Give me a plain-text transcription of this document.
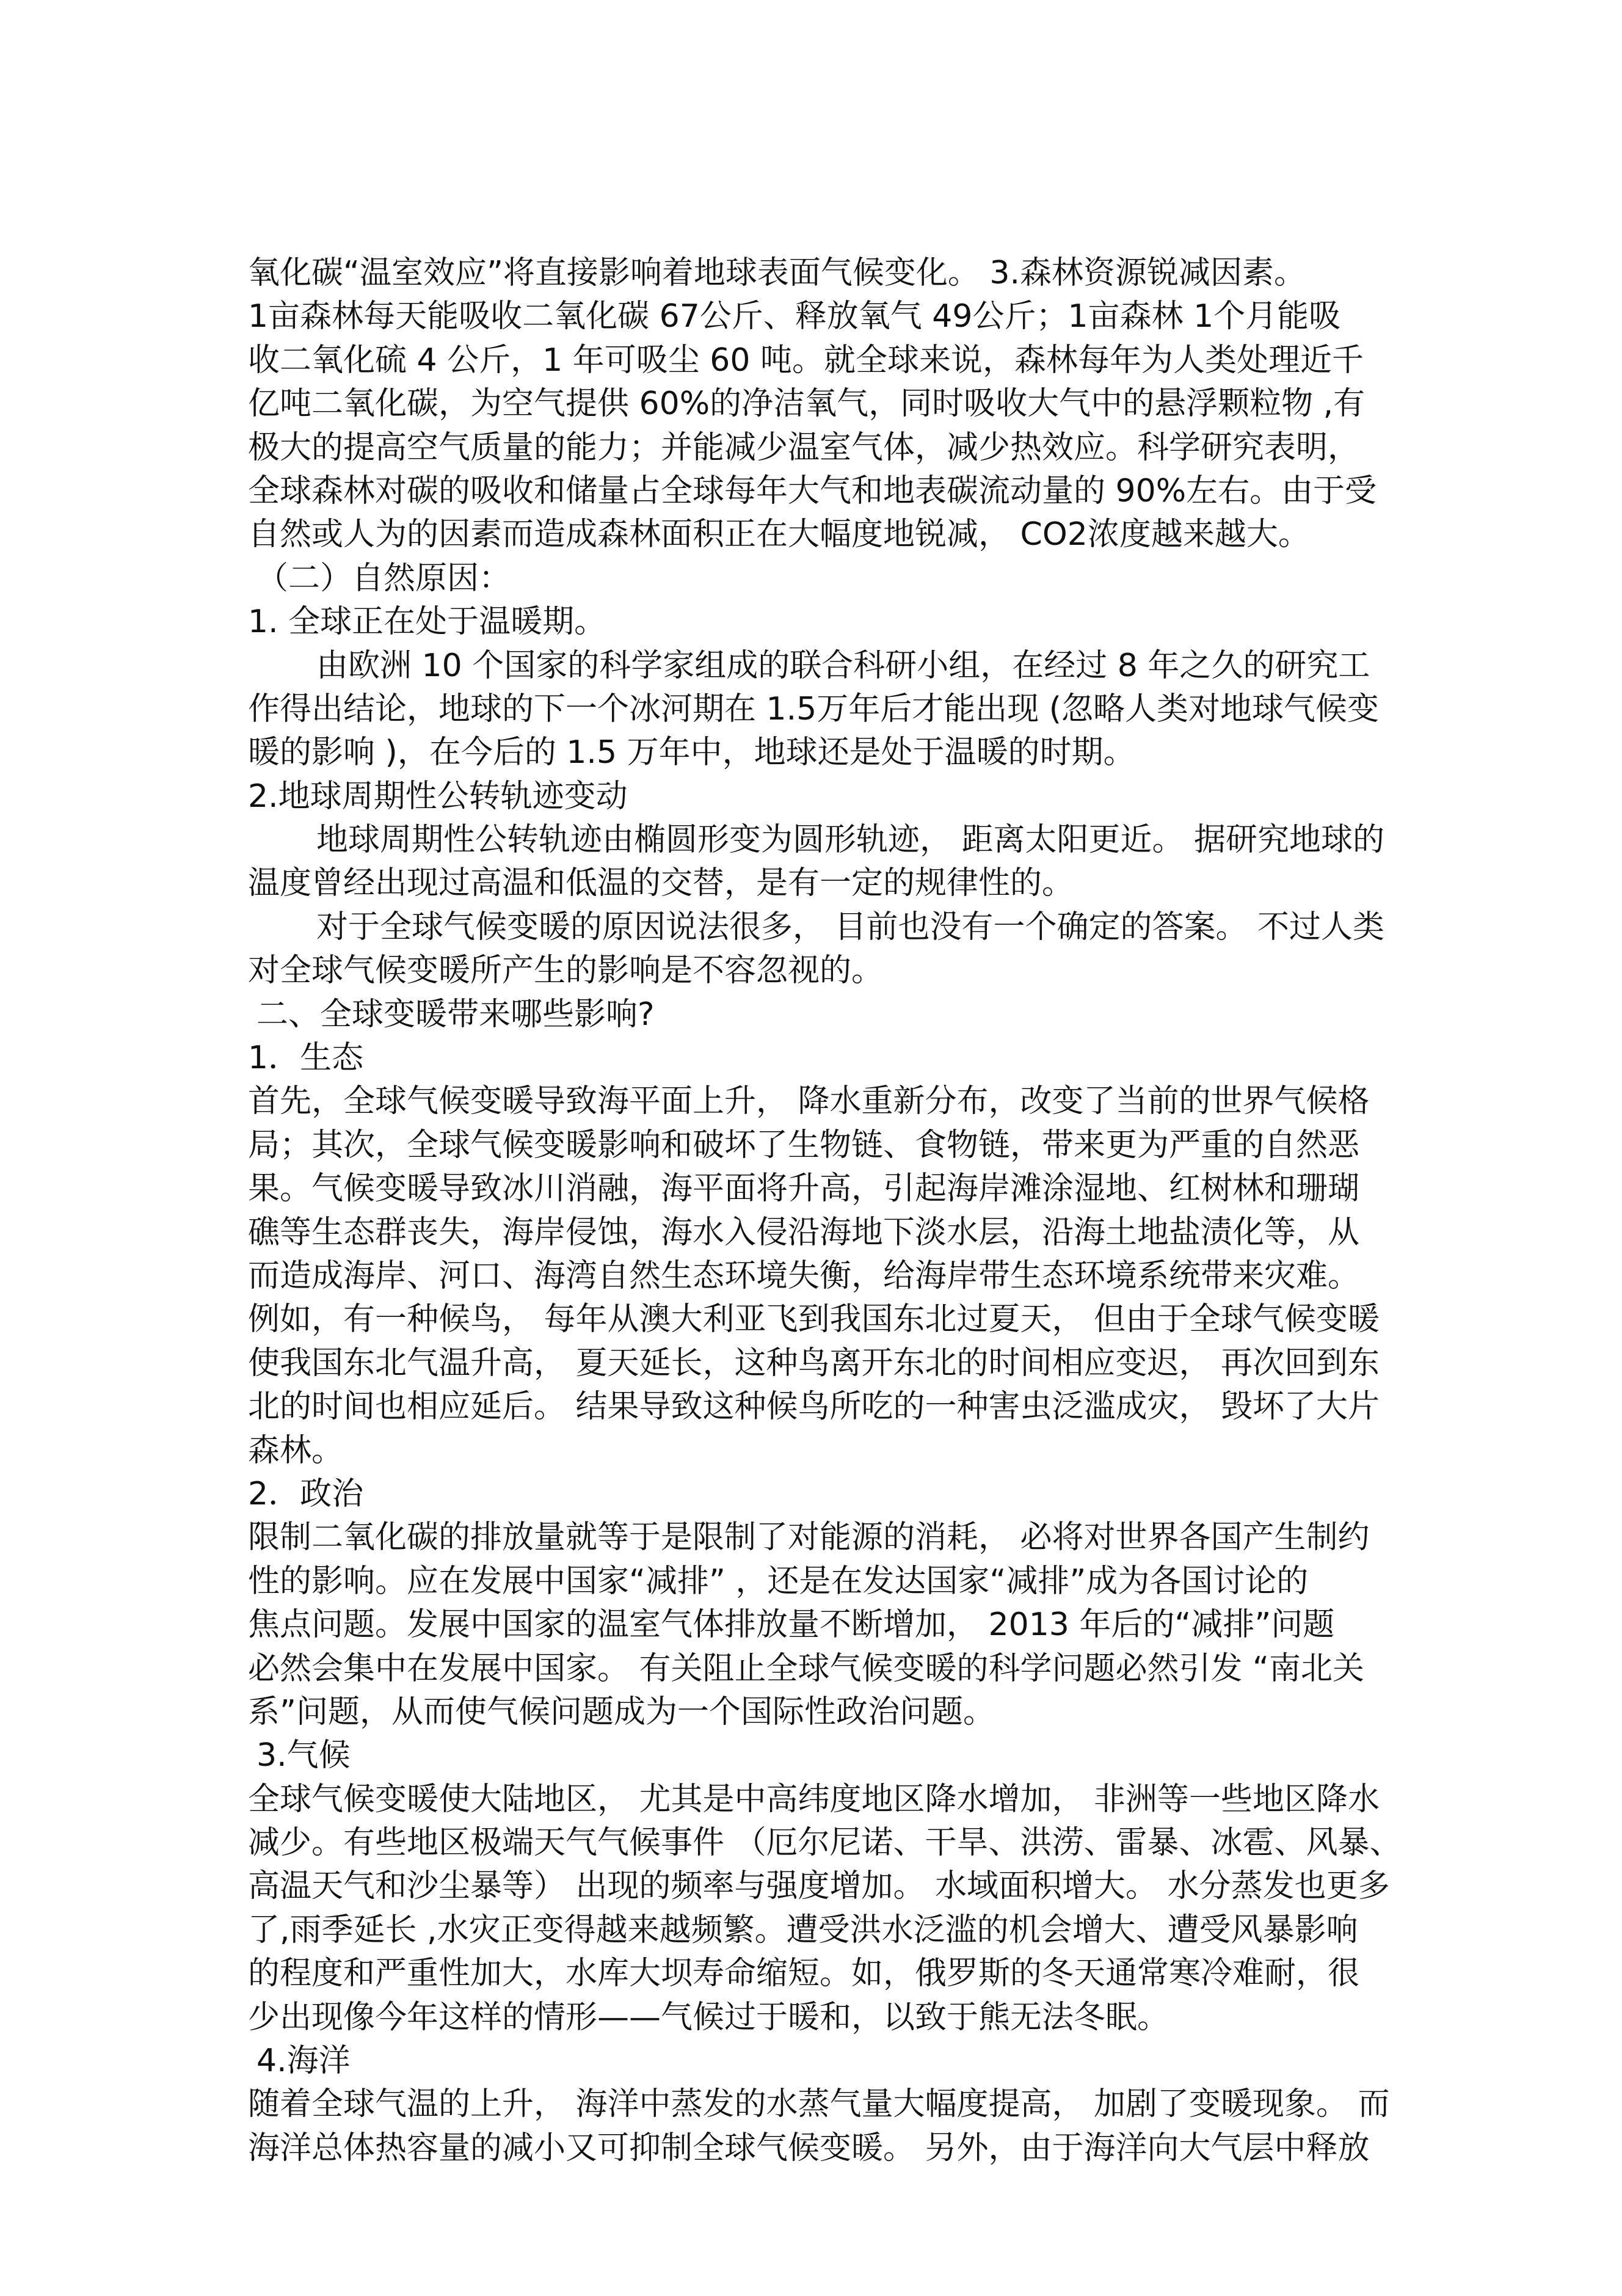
氧化碳“温室效应”将直接影响着地球表面气候变化。 3.森林资源锐减因素。
1亩森林每天能吸收二氧化碳 67公斤、释放氧气 49公斤；1亩森林 1个月能吸
收二氧化硫 4 公斤，1 年可吸尘 60 吨。就全球来说，森林每年为人类处理近千
亿吨二氧化碳，为空气提供 60%的净洁氧气，同时吸收大气中的悬浮颗粒物 ,有
极大的提高空气质量的能力；并能减少温室气体，减少热效应。科学研究表明，
全球森林对碳的吸收和储量占全球每年大气和地表碳流动量的 90%左右。由于受
自然或人为的因素而造成森林面积正在大幅度地锐减， CO2浓度越来越大。
（二）自然原因：
1. 全球正在处于温暖期。
由欧洲 10 个国家的科学家组成的联合科研小组，在经过 8 年之久的研究工
作得出结论，地球的下一个冰河期在 1.5万年后才能出现 (忽略人类对地球气候变
暖的影响 )，在今后的 1.5 万年中，地球还是处于温暖的时期。
2.地球周期性公转轨迹变动
地球周期性公转轨迹由椭圆形变为圆形轨迹， 距离太阳更近。 据研究地球的
温度曾经出现过高温和低温的交替，是有一定的规律性的。
对于全球气候变暖的原因说法很多， 目前也没有一个确定的答案。 不过人类
对全球气候变暖所产生的影响是不容忽视的。
二、全球变暖带来哪些影响?
1．生态
首先，全球气候变暖导致海平面上升， 降水重新分布，改变了当前的世界气候格
局；其次，全球气候变暖影响和破坏了生物链、食物链，带来更为严重的自然恶
果。气候变暖导致冰川消融，海平面将升高，引起海岸滩涂湿地、红树林和珊瑚
礁等生态群丧失，海岸侵蚀，海水入侵沿海地下淡水层，沿海土地盐渍化等，从
而造成海岸、河口、海湾自然生态环境失衡，给海岸带生态环境系统带来灾难。
例如，有一种候鸟， 每年从澳大利亚飞到我国东北过夏天， 但由于全球气候变暖
使我国东北气温升高， 夏天延长，这种鸟离开东北的时间相应变迟， 再次回到东
北的时间也相应延后。 结果导致这种候鸟所吃的一种害虫泛滥成灾， 毁坏了大片
森林。
2．政治
限制二氧化碳的排放量就等于是限制了对能源的消耗， 必将对世界各国产生制约
性的影响。应在发展中国家“减排” ，还是在发达国家“减排”成为各国讨论的
焦点问题。发展中国家的温室气体排放量不断增加， 2013 年后的“减排”问题
必然会集中在发展中国家。 有关阻止全球气候变暖的科学问题必然引发 “南北关
系”问题，从而使气候问题成为一个国际性政治问题。
3.气候
全球气候变暖使大陆地区， 尤其是中高纬度地区降水增加， 非洲等一些地区降水
减少。有些地区极端天气气候事件 （厄尔尼诺、干旱、洪涝、雷暴、冰雹、风暴、
高温天气和沙尘暴等） 出现的频率与强度增加。 水域面积增大。 水分蒸发也更多
了,雨季延长 ,水灾正变得越来越频繁。遭受洪水泛滥的机会增大、遭受风暴影响
的程度和严重性加大，水库大坝寿命缩短。如，俄罗斯的冬天通常寒冷难耐，很
少出现像今年这样的情形——气候过于暖和，以致于熊无法冬眠。
4.海洋
随着全球气温的上升， 海洋中蒸发的水蒸气量大幅度提高， 加剧了变暖现象。 而
海洋总体热容量的减小又可抑制全球气候变暖。 另外，由于海洋向大气层中释放
